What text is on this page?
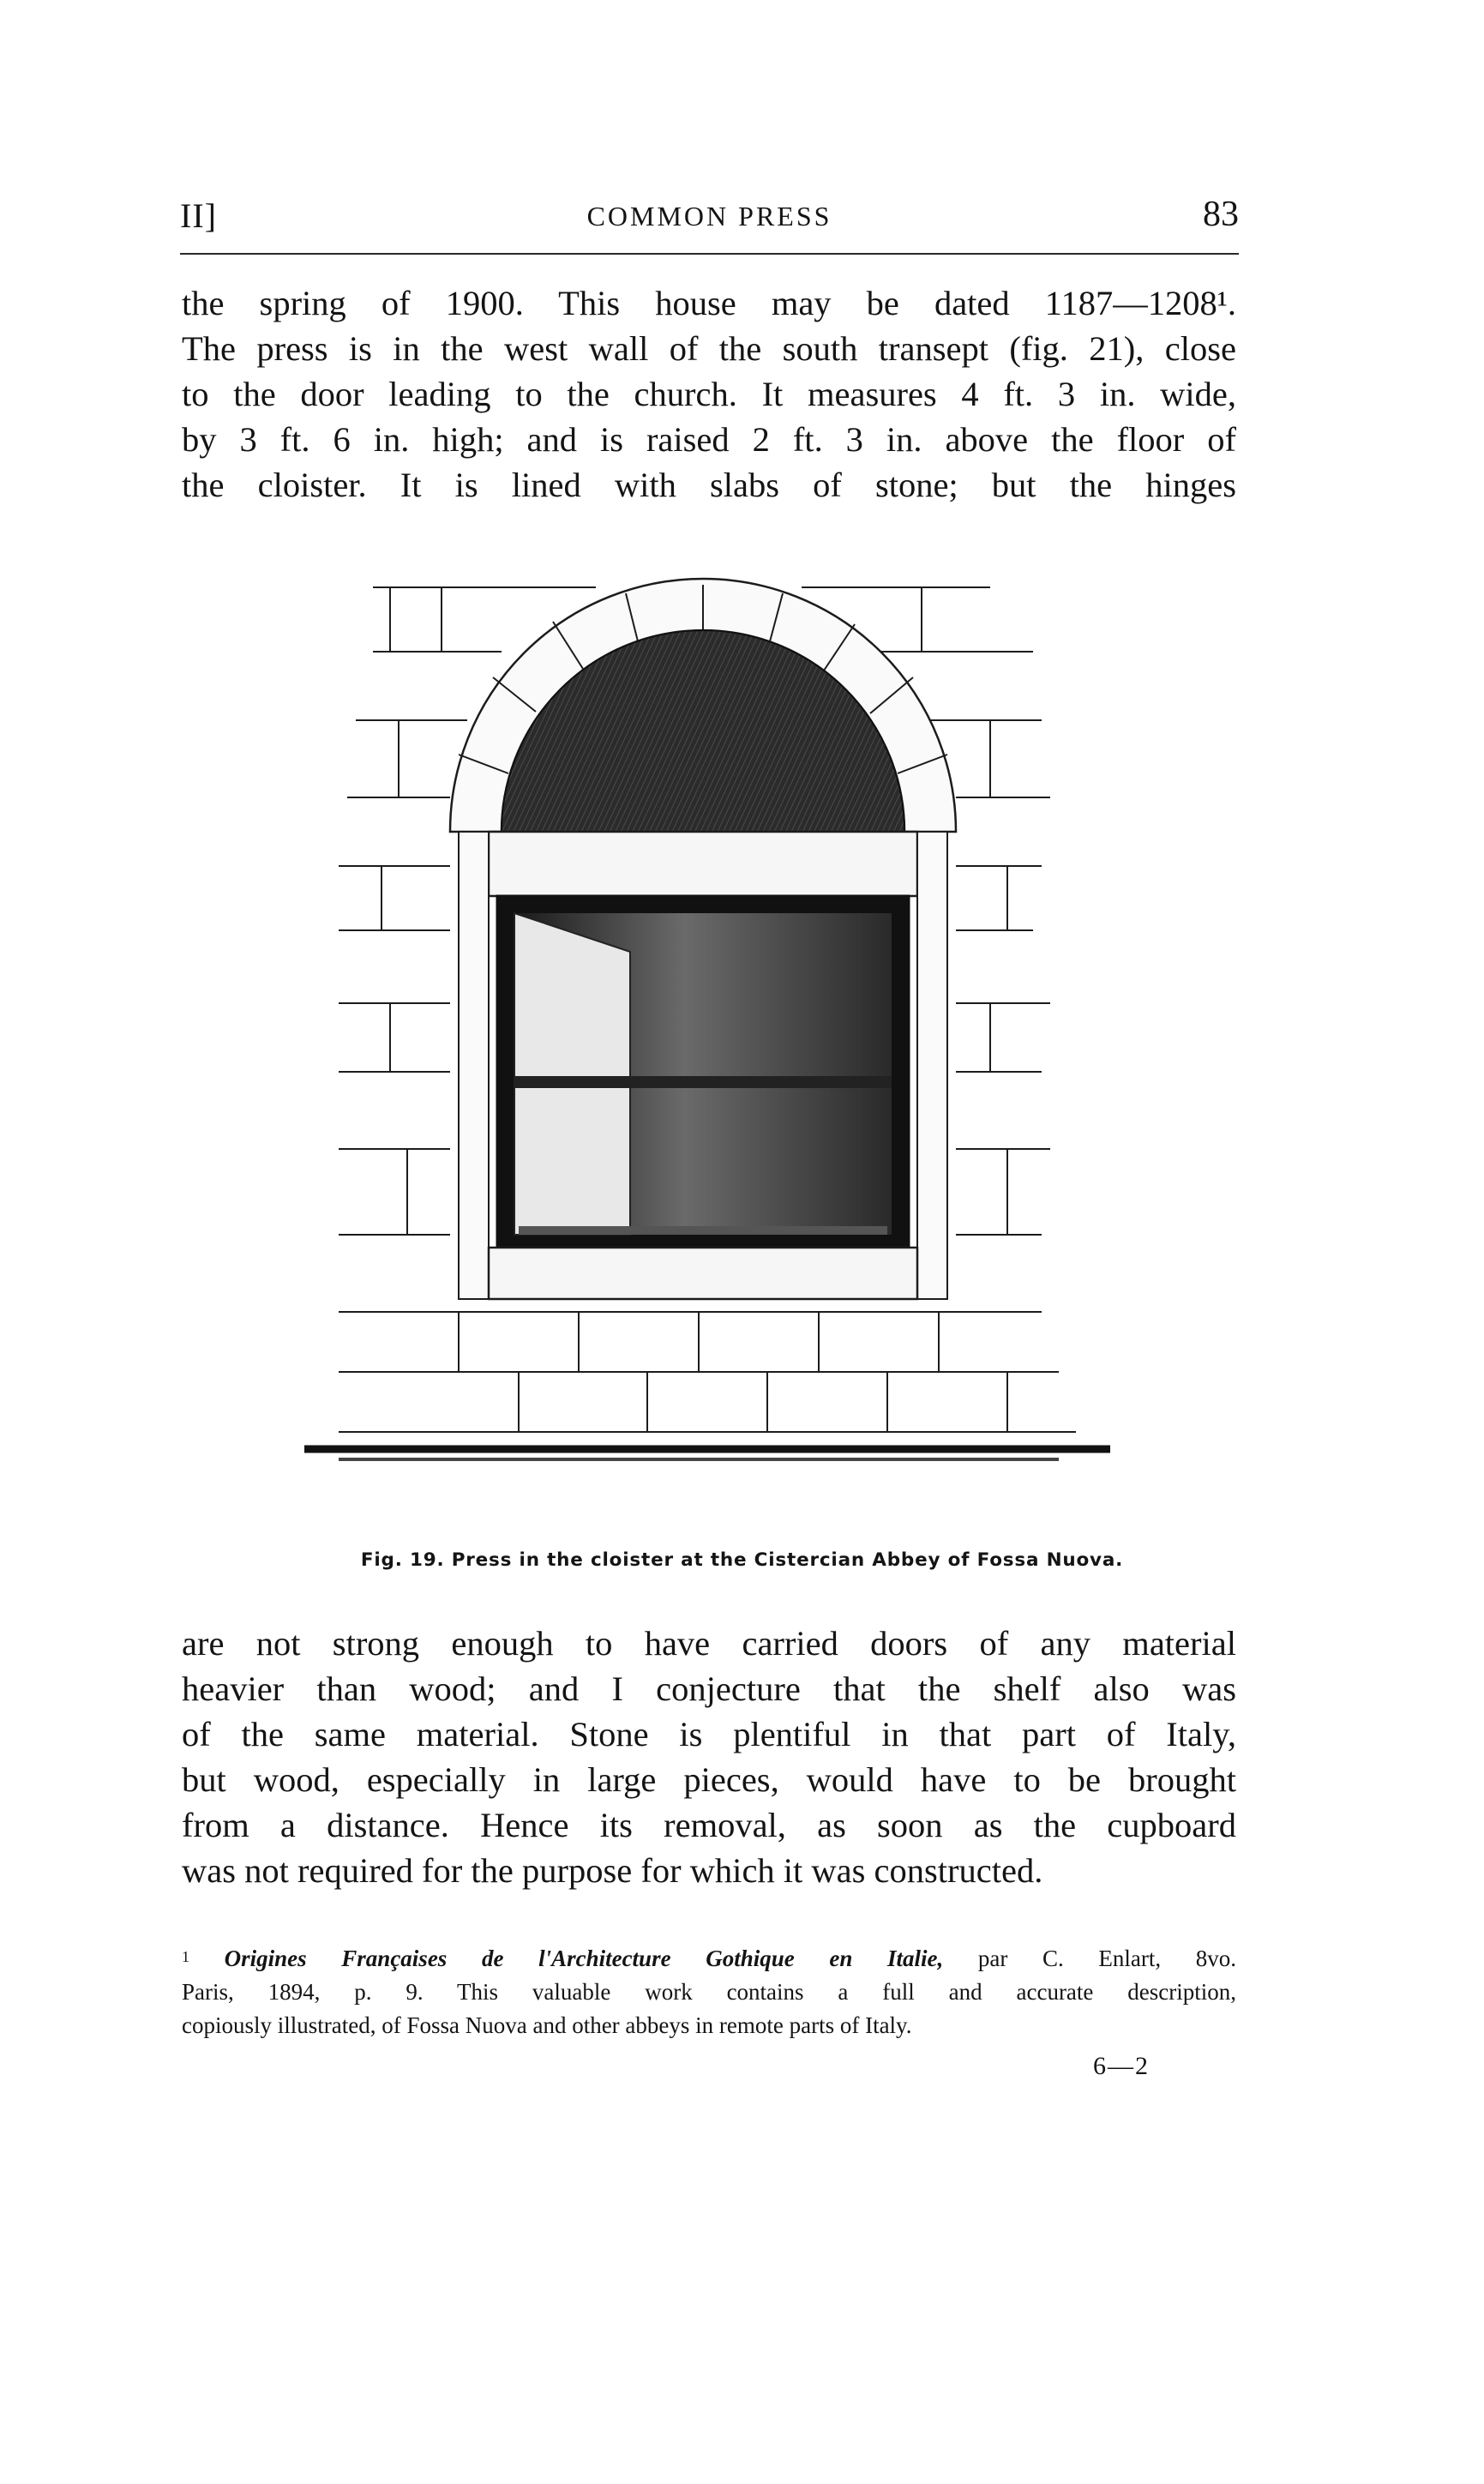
II]	COMMON PRESS	83
the spring of 1900. This house may be dated 1187—1208¹.
The press is in the west wall of the south transept (fig. 21), close
to the door leading to the church. It measures 4 ft. 3 in. wide,
by 3 ft. 6 in. high; and is raised 2 ft. 3 in. above the floor of
the cloister. It is lined with slabs of stone; but the hinges
Fig. 19. Press in the cloister at the Cistercian Abbey of Fossa Nuova.
are not strong enough to have carried doors of any material
heavier than wood; and I conjecture that the shelf also was
of the same material. Stone is plentiful in that part of Italy,
but wood, especially in large pieces, would have to be brought
from a distance. Hence its removal, as soon as the cupboard
was not required for the purpose for which it was constructed.
$^1$ Origines Françaises de l'Architecture Gothique en Italie, par C. Enlart, 8vo.
Paris, 1894, p. 9. This valuable work contains a full and accurate description,
copiously illustrated, of Fossa Nuova and other abbeys in remote parts of Italy.
6—2
